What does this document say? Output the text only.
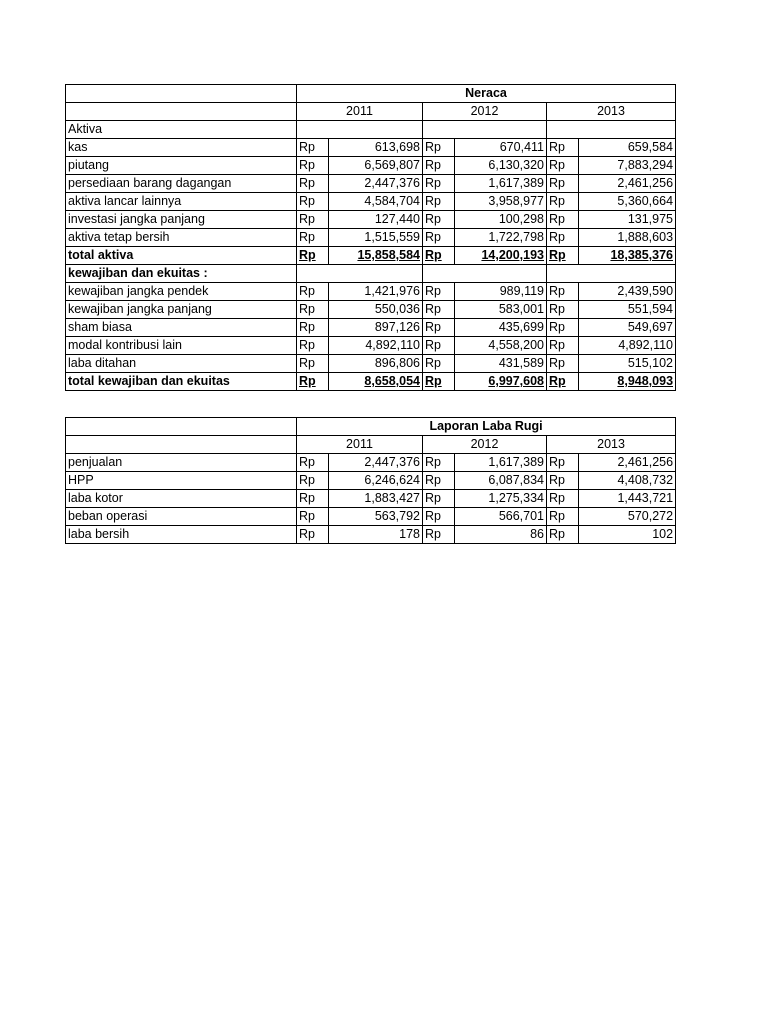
	Neraca					
	2011		2012		2013	
Aktiva						
kas	Rp	613,698	Rp	670,411	Rp	659,584
piutang	Rp	6,569,807	Rp	6,130,320	Rp	7,883,294
persediaan barang dagangan	Rp	2,447,376	Rp	1,617,389	Rp	2,461,256
aktiva lancar lainnya	Rp	4,584,704	Rp	3,958,977	Rp	5,360,664
investasi jangka panjang	Rp	127,440	Rp	100,298	Rp	131,975
aktiva tetap bersih	Rp	1,515,559	Rp	1,722,798	Rp	1,888,603
total aktiva	Rp	15,858,584	Rp	14,200,193	Rp	18,385,376
kewajiban dan ekuitas :						
kewajiban jangka pendek	Rp	1,421,976	Rp	989,119	Rp	2,439,590
kewajiban jangka panjang	Rp	550,036	Rp	583,001	Rp	551,594
sham biasa	Rp	897,126	Rp	435,699	Rp	549,697
modal kontribusi lain	Rp	4,892,110	Rp	4,558,200	Rp	4,892,110
laba ditahan	Rp	896,806	Rp	431,589	Rp	515,102
total kewajiban dan ekuitas	Rp	8,658,054	Rp	6,997,608	Rp	8,948,093
	Laporan Laba Rugi					
	2011		2012		2013	
penjualan	Rp	2,447,376	Rp	1,617,389	Rp	2,461,256
HPP	Rp	6,246,624	Rp	6,087,834	Rp	4,408,732
laba kotor	Rp	1,883,427	Rp	1,275,334	Rp	1,443,721
beban operasi	Rp	563,792	Rp	566,701	Rp	570,272
laba bersih	Rp	178	Rp	86	Rp	102
